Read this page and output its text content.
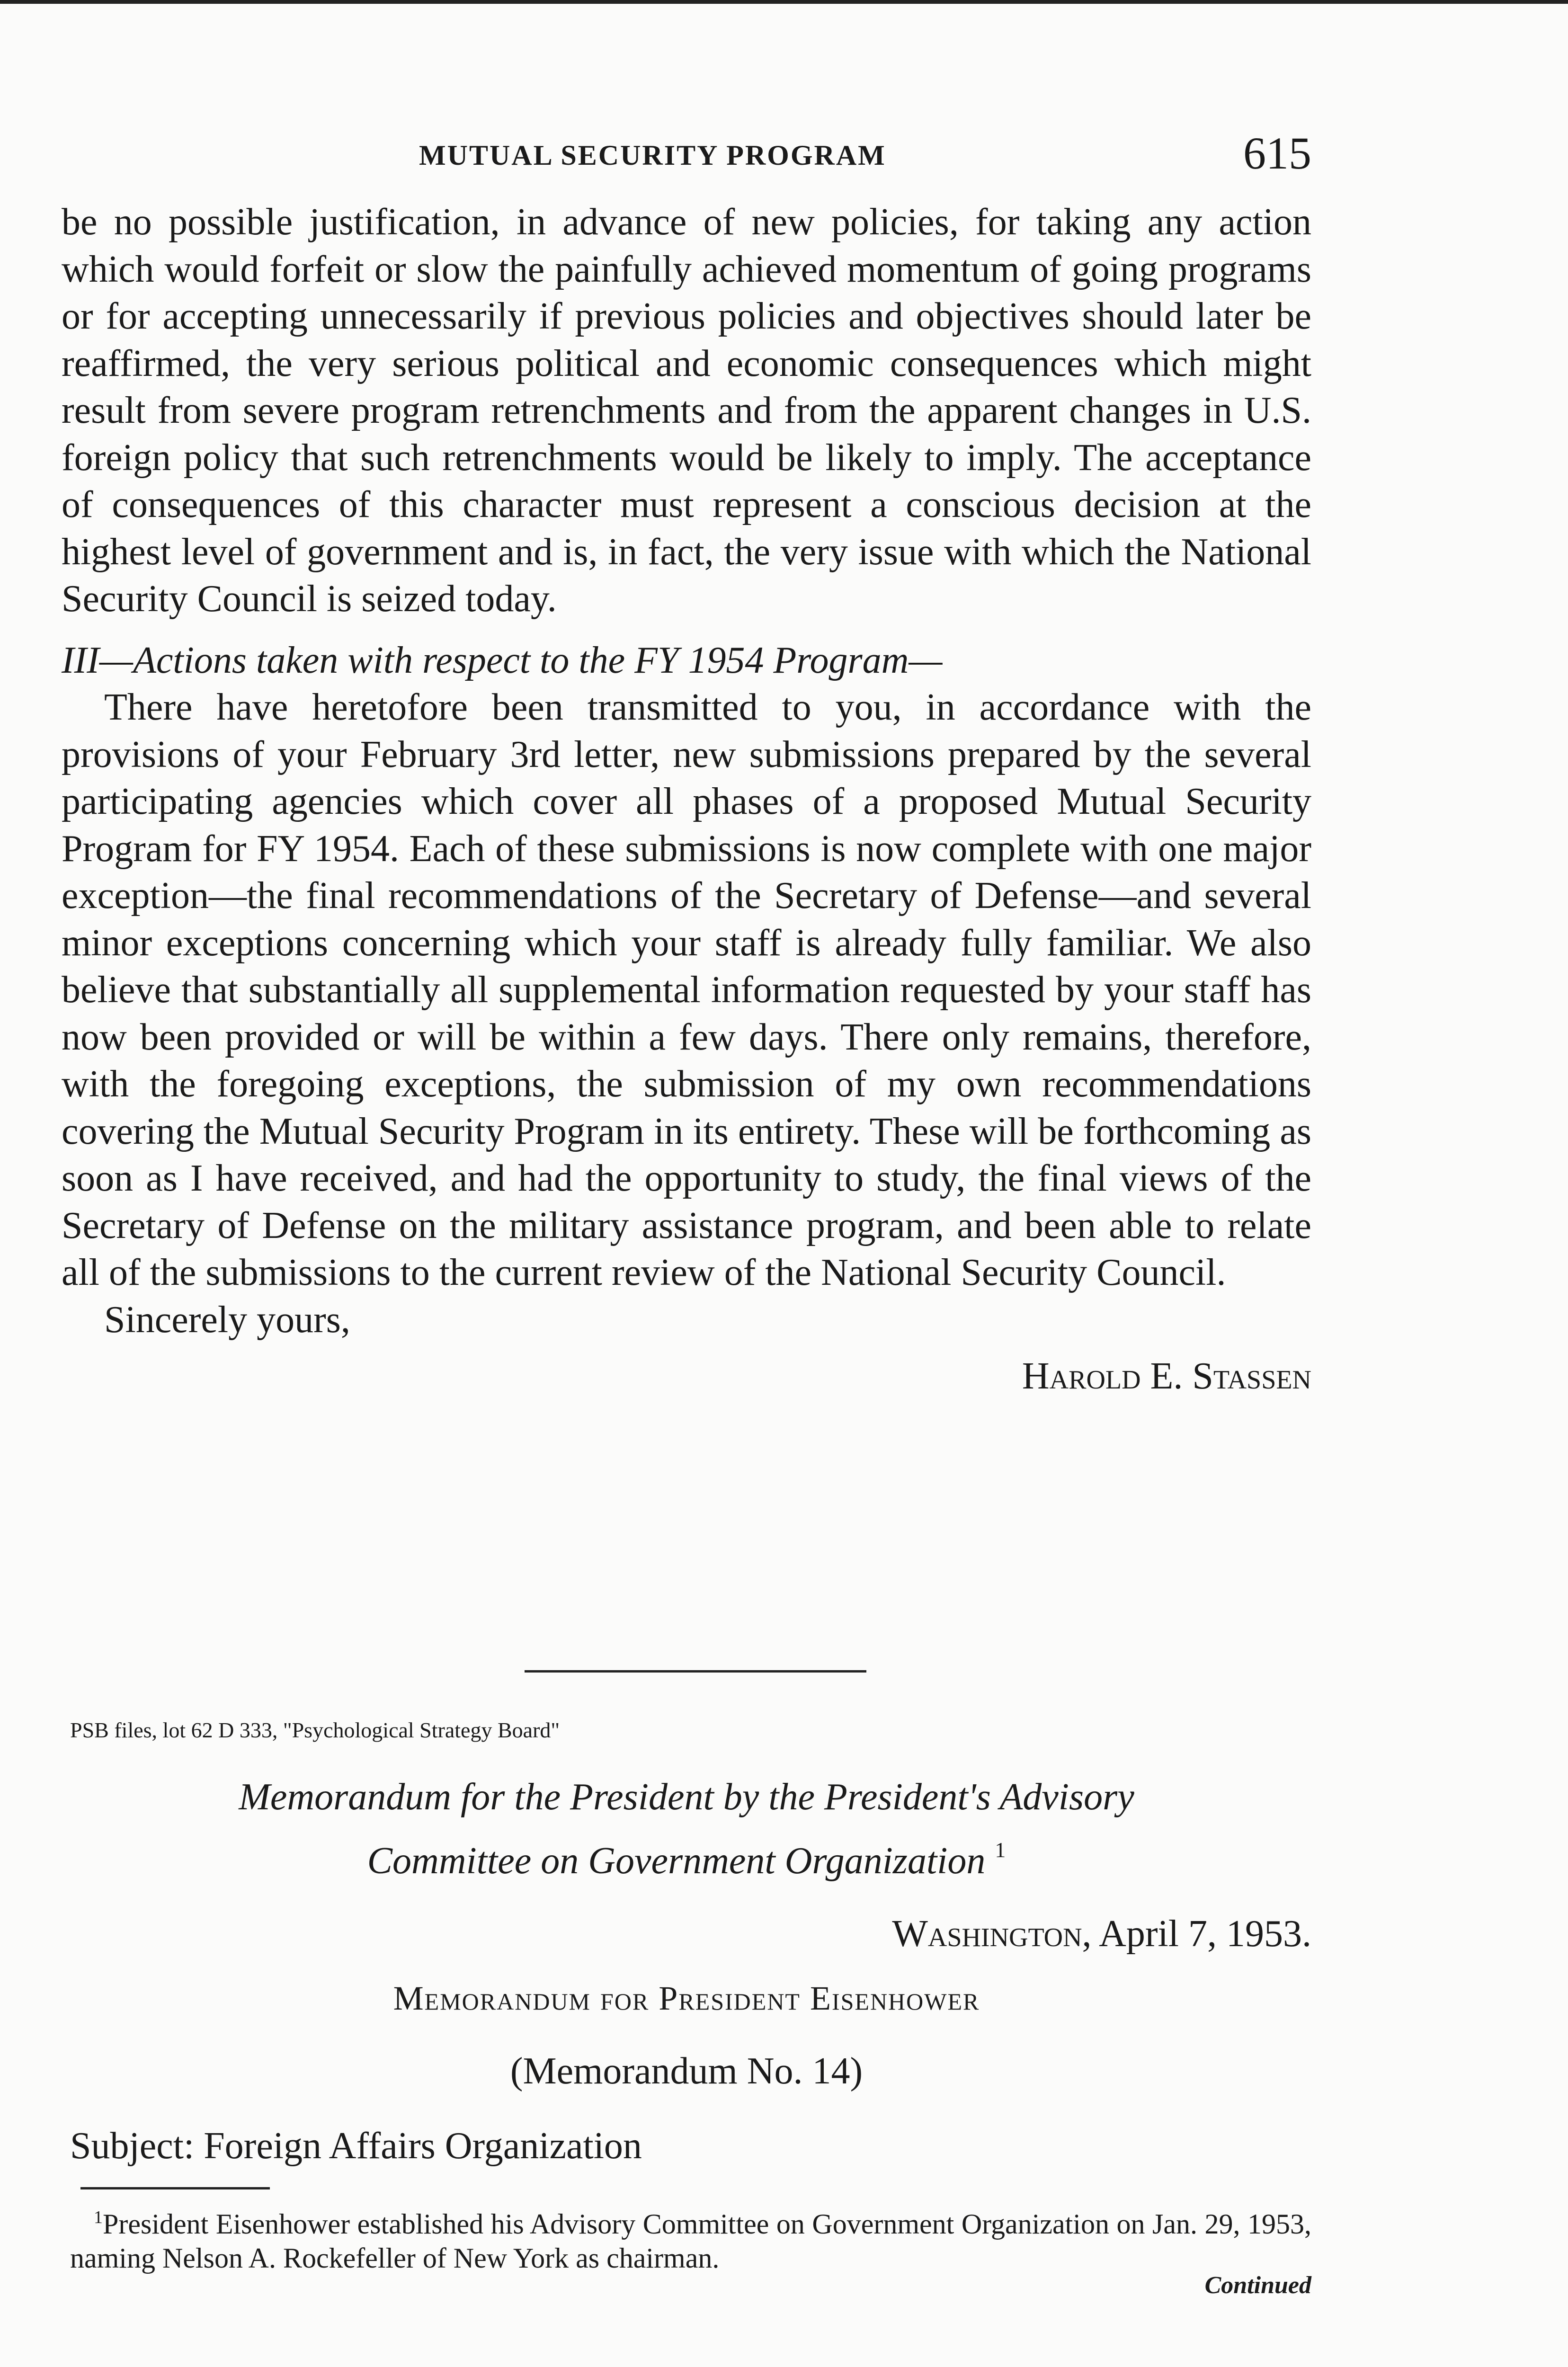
MUTUAL SECURITY PROGRAM	615

be no possible justification, in advance of new policies, for taking any action which would forfeit or slow the painfully achieved momentum of going programs or for accepting unnecessarily if previous policies and objectives should later be reaffirmed, the very serious political and economic consequences which might result from severe program retrenchments and from the apparent changes in U.S. foreign policy that such retrenchments would be likely to imply. The acceptance of consequences of this character must represent a conscious decision at the highest level of government and is, in fact, the very issue with which the National Security Council is seized today.

III—Actions taken with respect to the FY 1954 Program—

There have heretofore been transmitted to you, in accordance with the provisions of your February 3rd letter, new submissions prepared by the several participating agencies which cover all phases of a proposed Mutual Security Program for FY 1954. Each of these submissions is now complete with one major exception—the final recommendations of the Secretary of Defense—and several minor exceptions concerning which your staff is already fully familiar. We also believe that substantially all supplemental information requested by your staff has now been provided or will be within a few days. There only remains, therefore, with the foregoing exceptions, the submission of my own recommendations covering the Mutual Security Program in its entirety. These will be forthcoming as soon as I have received, and had the opportunity to study, the final views of the Secretary of Defense on the military assistance program, and been able to relate all of the submissions to the current review of the National Security Council.

Sincerely yours,

Harold E. Stassen

PSB files, lot 62 D 333, "Psychological Strategy Board"
Memorandum for the President by the President's Advisory
Committee on Government Organization $^1$
Washington, April 7, 1953.
Memorandum for President Eisenhower
(Memorandum No. 14)
Subject: Foreign Affairs Organization
$^1$President Eisenhower established his Advisory Committee on Government Organization on Jan. 29, 1953, naming Nelson A. Rockefeller of New York as chairman.
Continued
